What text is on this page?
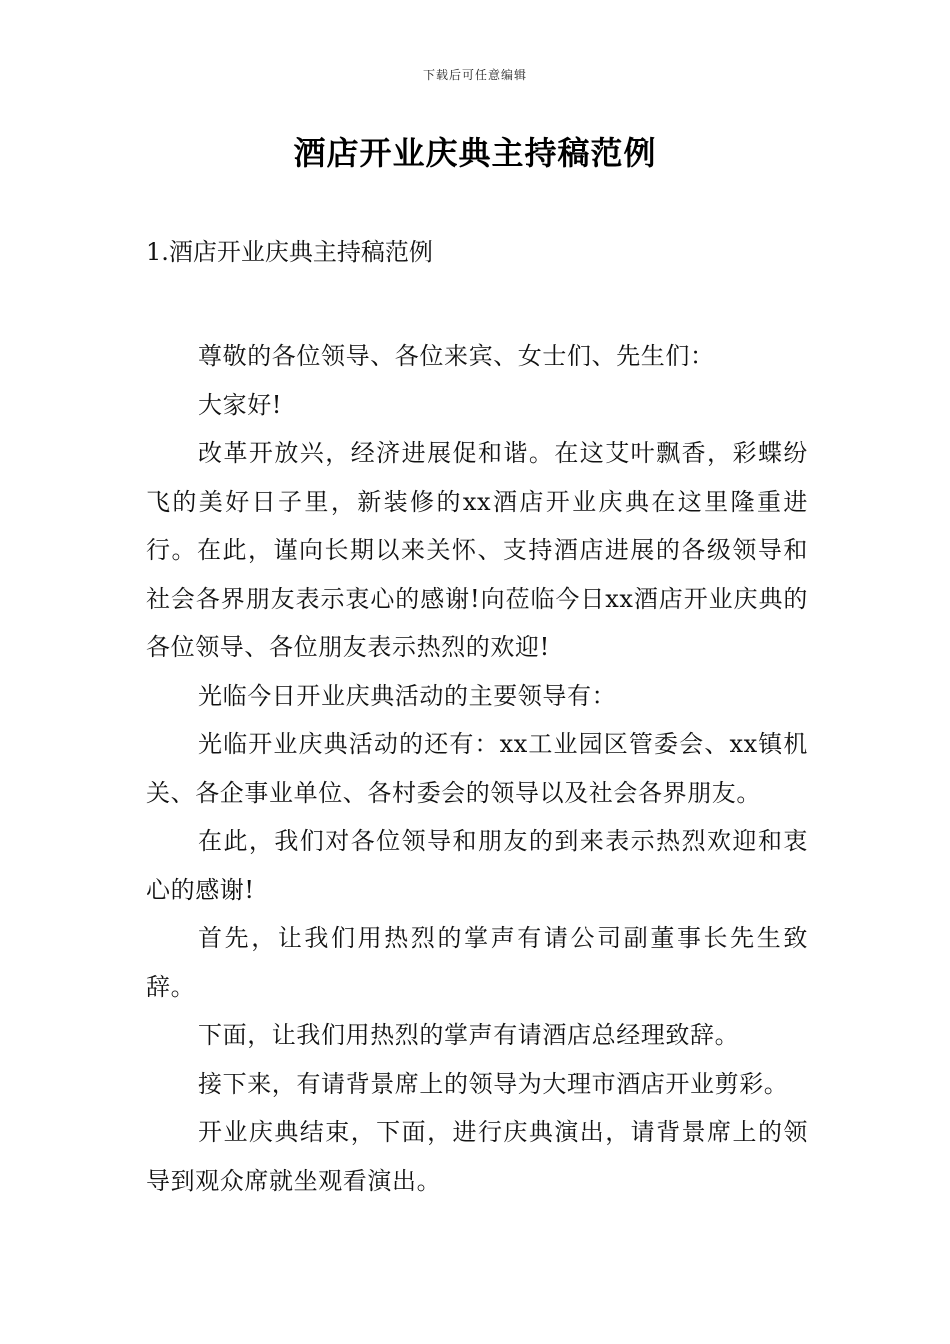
下载后可任意编辑
酒店开业庆典主持稿范例
1.酒店开业庆典主持稿范例

尊敬的各位领导、各位来宾、女士们、先生们：

大家好!

改革开放兴，经济进展促和谐。在这艾叶飘香，彩蝶纷飞的美好日子里，新装修的xx酒店开业庆典在这里隆重进行。在此，谨向长期以来关怀、支持酒店进展的各级领导和社会各界朋友表示衷心的感谢!向莅临今日xx酒店开业庆典的各位领导、各位朋友表示热烈的欢迎!

光临今日开业庆典活动的主要领导有：

光临开业庆典活动的还有：xx工业园区管委会、xx镇机关、各企事业单位、各村委会的领导以及社会各界朋友。

在此，我们对各位领导和朋友的到来表示热烈欢迎和衷心的感谢!

首先，让我们用热烈的掌声有请公司副董事长先生致辞。

下面，让我们用热烈的掌声有请酒店总经理致辞。

接下来，有请背景席上的领导为大理市酒店开业剪彩。

开业庆典结束，下面，进行庆典演出，请背景席上的领导到观众席就坐观看演出。
